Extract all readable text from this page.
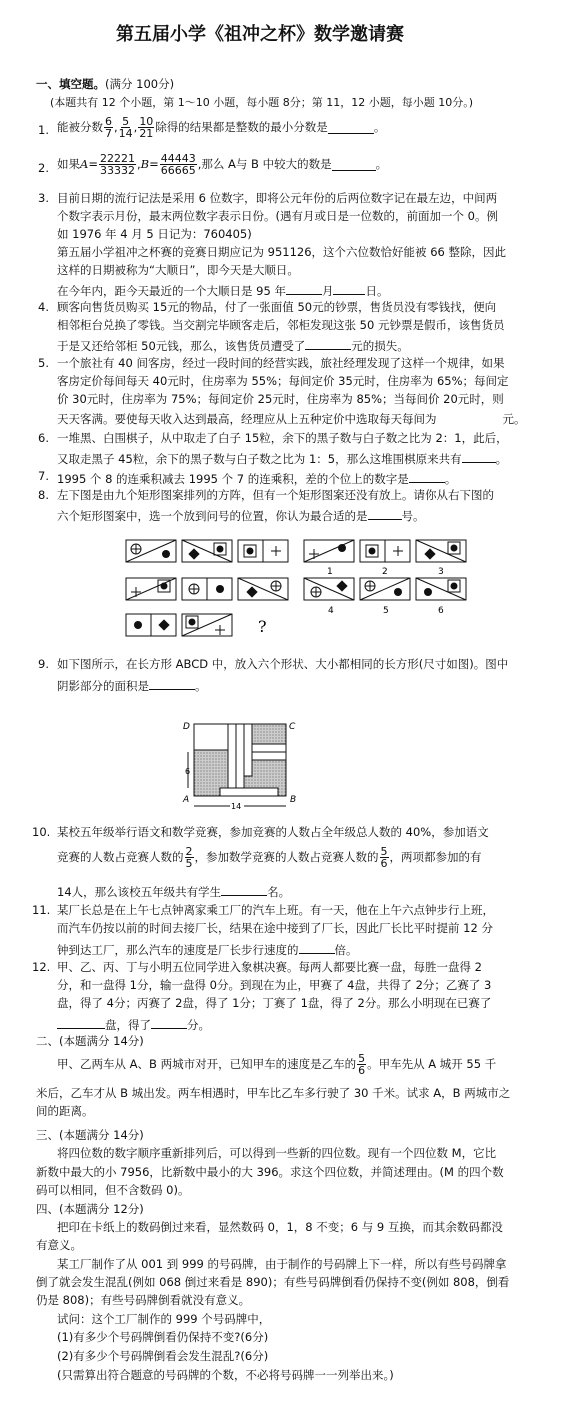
第五届小学《祖冲之杯》数学邀请赛
一、填空题。(满分 100分)
(本题共有 12 个小题，第 1～10 小题，每小题 8分；第 11，12 小题，每小题 10分。)
1. 能被分数 $\frac{6}{7}$ , $\frac{5}{14}$ , $\frac{10}{21}$ 除得的结果都是整数的最小分数是	。
2. 如果 $A = \frac{22221}{33332}$ , $B = \frac{44443}{66665}$ ,那么 A与 B 中较大的数是	。
3. 目前日期的流行记法是采用 6 位数字，即将公元年份的后两位数字记在最左边，中间两
个数字表示月份，最末两位数字表示日份。(遇有月或日是一位数的，前面加一个 0。例
如 1976 年 4 月 5 日记为：760405)
第五届小学祖冲之杯赛的竞赛日期应记为 951126，这个六位数恰好能被 66 整除，因此
这样的日期被称为“大顺日”，即今天是大顺日。
在今年内，距今天最近的一个大顺日是 95 年	月	日。
4. 顾客向售货员购买 15元的物品，付了一张面值 50元的钞票，售货员没有零钱找，便向
相邻柜台兑换了零钱。当交割完毕顾客走后，邻柜发现这张 50 元钞票是假币，该售货员
于是又还给邻柜 50元钱，那么，该售货员遭受了	元的损失。
5. 一个旅社有 40 间客房，经过一段时间的经营实践，旅社经理发现了这样一个规律，如果
客房定价每间每天 40元时，住房率为 55%；每间定价 35元时，住房率为 65%；每间定
价 30元时，住房率为 75%；每间定价 25元时，住房率为 85%；当每间价 20元时，则
天天客满。要使每天收入达到最高，经理应从上五种定价中选取每天每间为	元。
6. 一堆黑、白围棋子，从中取走了白子 15粒，余下的黑子数与白子数之比为 2：1，此后，
又取走黑子 45粒，余下的黑子数与白子数之比为 1：5，那么这堆围棋原来共有	。
7. 1995 个 8 的连乘积减去 1995 个 7 的连乘积，差的个位上的数字是	。
8. 左下图是由九个矩形图案排列的方阵，但有一个矩形图案还没有放上。请你从右下图的
六个矩形图案中，选一个放到问号的位置，你认为最合适的是	号。
?
1	2	3
4	5	6
9. 如下图所示，在长方形 ABCD 中，放入六个形状、大小都相同的长方形(尺寸如图)。图中
阴影部分的面积是	。
D	C
A	B
6
14
10. 某校五年级举行语文和数学竞赛，参加竞赛的人数占全年级总人数的 40%，参加语文
竞赛的人数占竞赛人数的 $\frac{2}{5}$ ，参加数学竞赛的人数占竞赛人数的 $\frac{5}{6}$ ，两项都参加的有
14人，那么该校五年级共有学生	名。
11. 某厂长总是在上午七点钟离家乘工厂的汽车上班。有一天，他在上午六点钟步行上班，
而汽车仍按以前的时间去接厂长，结果在途中接到了厂长，因此厂长比平时提前 12 分
钟到达工厂，那么汽车的速度是厂长步行速度的	倍。
12. 甲、乙、丙、丁与小明五位同学进入象棋决赛。每两人都要比赛一盘，每胜一盘得 2
分，和一盘得 1分，输一盘得 0分。到现在为止，甲赛了 4盘，共得了 2分；乙赛了 3
盘，得了 4分；丙赛了 2盘，得了 1分；丁赛了 1盘，得了 2分。那么小明现在已赛了
盘，得了	分。
二、(本题满分 14分)
甲、乙两车从 A、B 两城市对开，已知甲车的速度是乙车的 $\frac{5}{6}$ 。甲车先从 A 城开 55 千
米后，乙车才从 B 城出发。两车相遇时，甲车比乙车多行驶了 30 千米。试求 A，B 两城市之
间的距离。
三、(本题满分 14分)
将四位数的数字顺序重新排列后，可以得到一些新的四位数。现有一个四位数 M，它比
新数中最大的小 7956，比新数中最小的大 396。求这个四位数，并简述理由。(M 的四个数
码可以相同，但不含数码 0)。
四、(本题满分 12分)
把印在卡纸上的数码倒过来看，显然数码 0，1，8 不变；6 与 9 互换，而其余数码都没
有意义。
某工厂制作了从 001 到 999 的号码牌，由于制作的号码牌上下一样，所以有些号码牌拿
倒了就会发生混乱(例如 068 倒过来看是 890)；有些号码牌倒看仍保持不变(例如 808，倒看
仍是 808)；有些号码牌倒看就没有意义。
试问：这个工厂制作的 999 个号码牌中，
(1)有多少个号码牌倒看仍保持不变?(6分)
(2)有多少个号码牌倒看会发生混乱?(6分)
(只需算出符合题意的号码牌的个数，不必将号码牌一一列举出来。)
